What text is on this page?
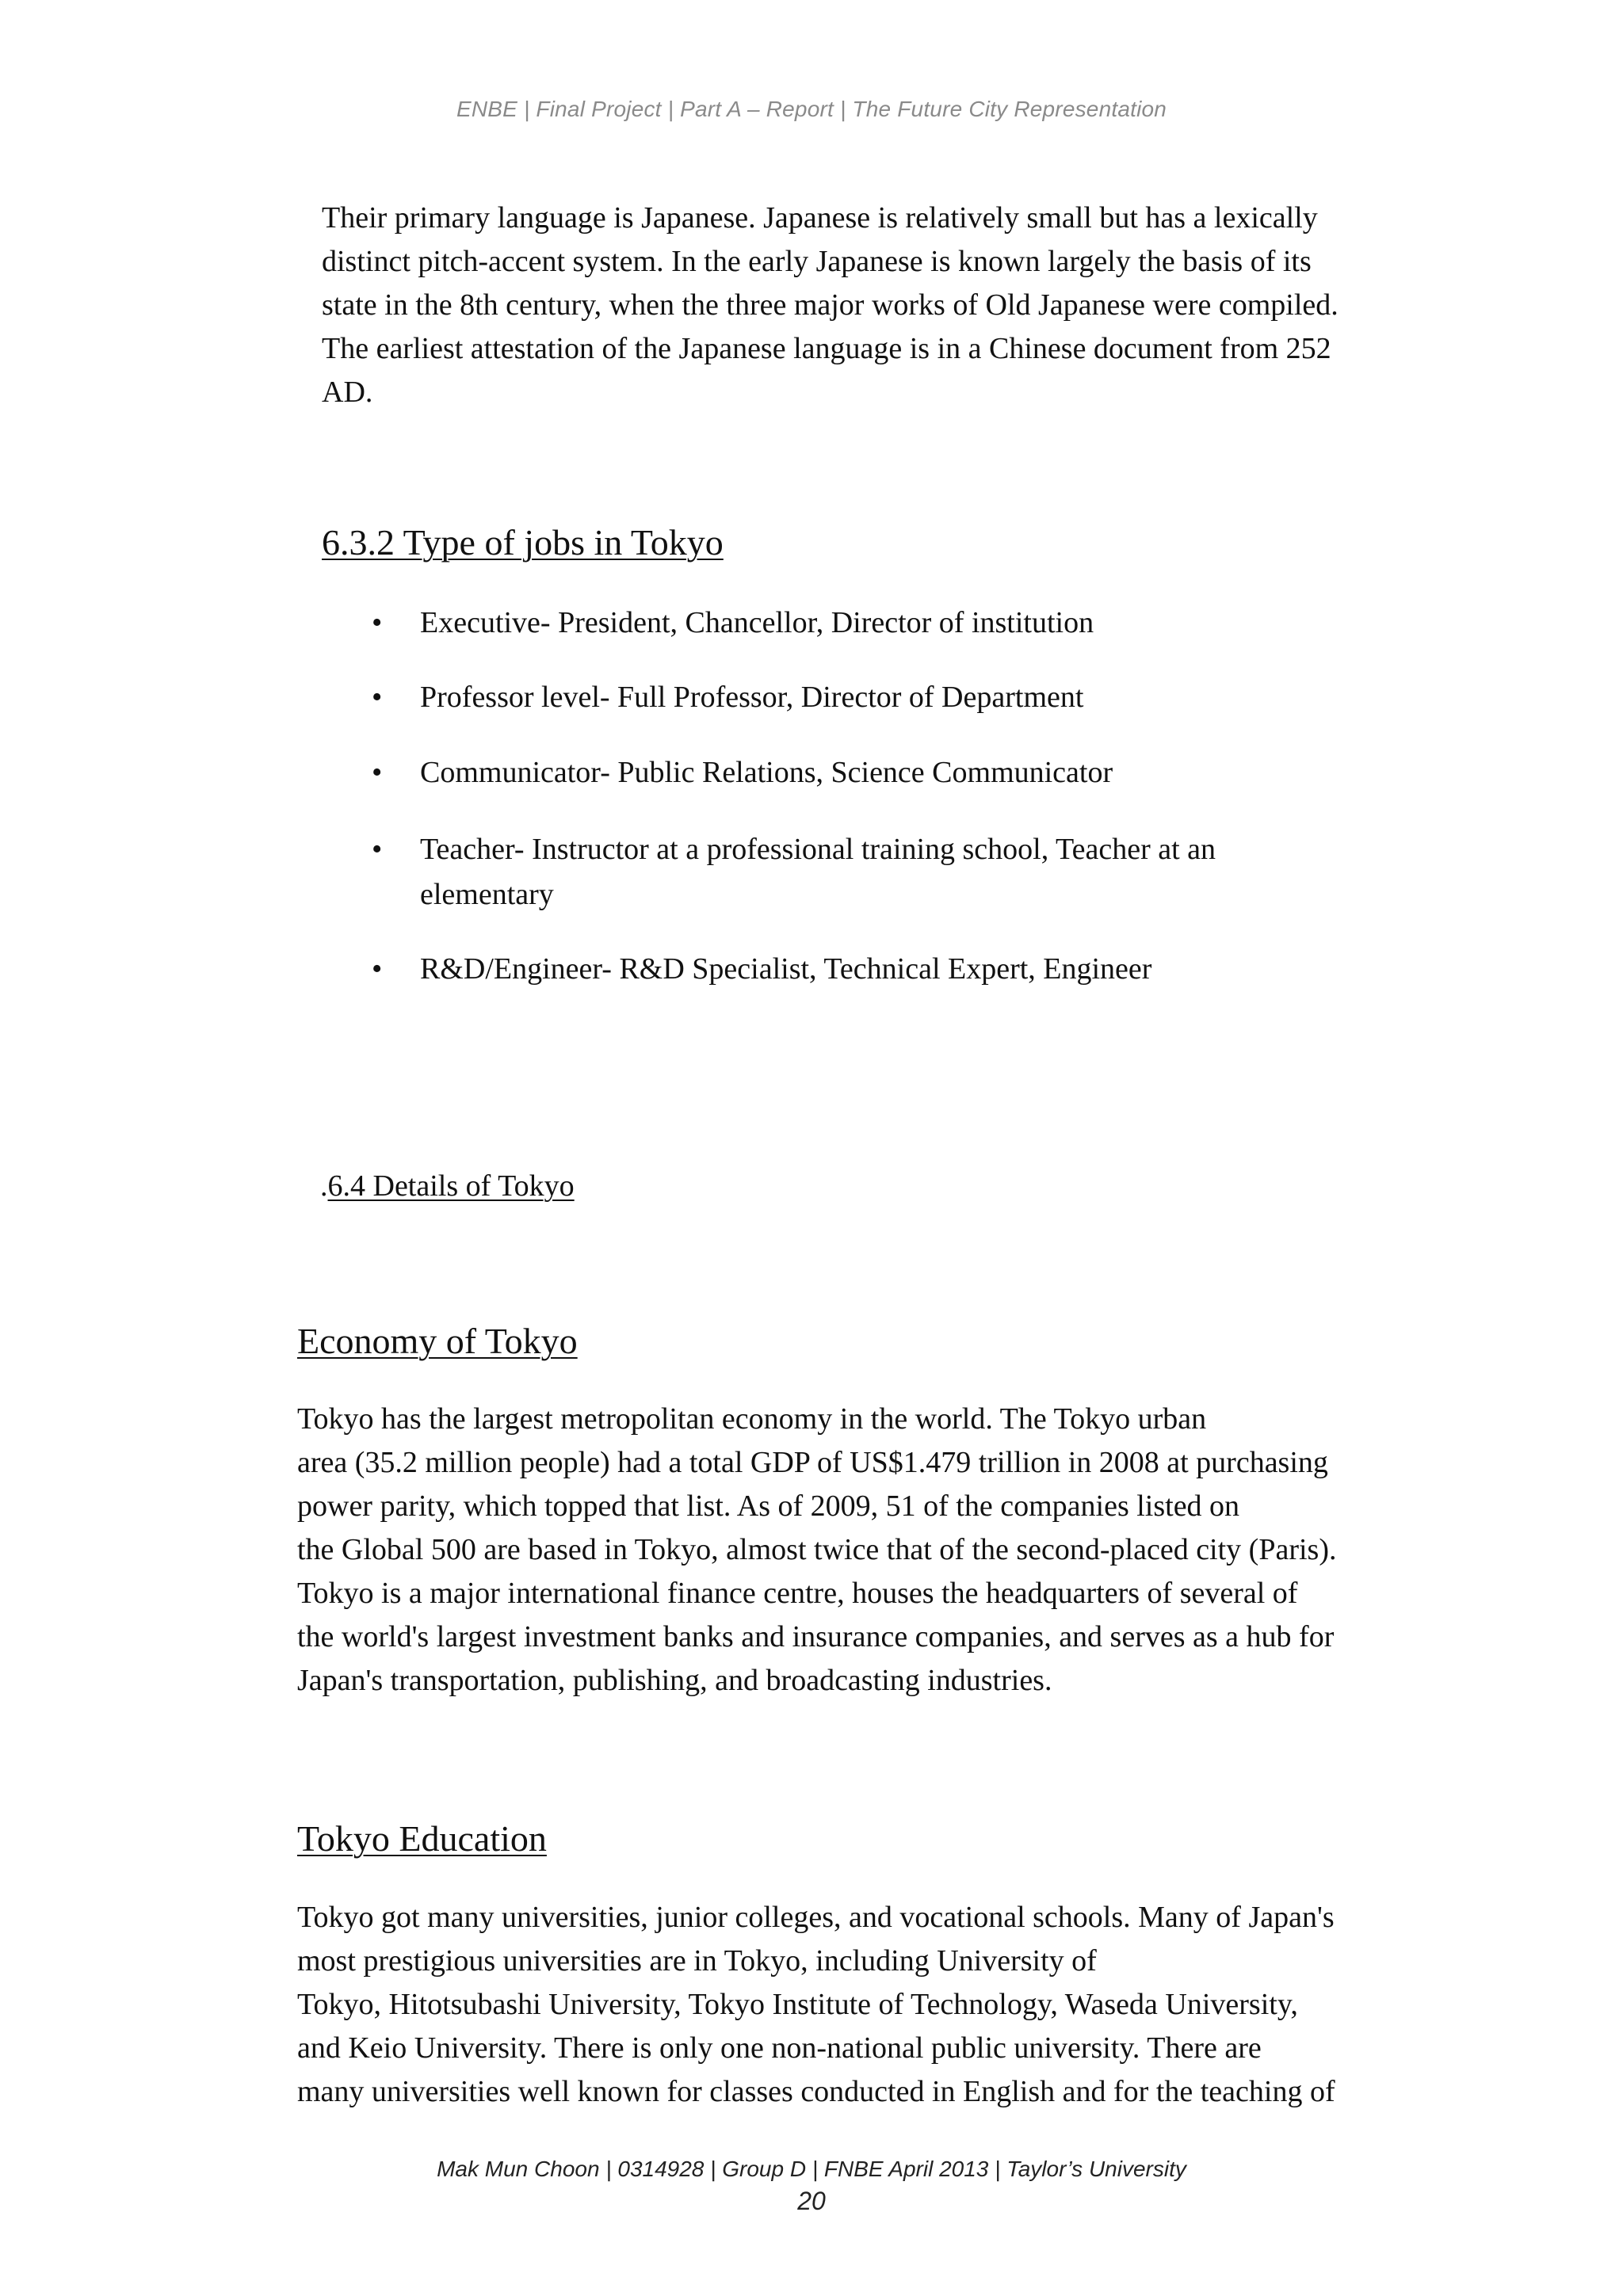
ENBE | Final Project | Part A – Report | The Future City Representation

Their primary language is Japanese. Japanese is relatively small but has a lexically
distinct pitch-accent system. In the early Japanese is known largely the basis of its
state in the 8th century, when the three major works of Old Japanese were compiled.
The earliest attestation of the Japanese language is in a Chinese document from 252
AD.

6.3.2 Type of jobs in Tokyo
• Executive- President, Chancellor, Director of institution
• Professor level- Full Professor, Director of Department
• Communicator- Public Relations, Science Communicator
• Teacher- Instructor at a professional training school, Teacher at an
elementary
• R&D/Engineer- R&D Specialist, Technical Expert, Engineer
.6.4 Details of Tokyo
Economy of Tokyo

Tokyo has the largest metropolitan economy in the world. The Tokyo urban
area (35.2 million people) had a total GDP of US$1.479 trillion in 2008 at purchasing
power parity, which topped that list. As of 2009, 51 of the companies listed on
the Global 500 are based in Tokyo, almost twice that of the second-placed city (Paris).
Tokyo is a major international finance centre, houses the headquarters of several of
the world's largest investment banks and insurance companies, and serves as a hub for
Japan's transportation, publishing, and broadcasting industries.

Tokyo Education

Tokyo got many universities, junior colleges, and vocational schools. Many of Japan's
most prestigious universities are in Tokyo, including University of
Tokyo, Hitotsubashi University, Tokyo Institute of Technology, Waseda University,
and Keio University. There is only one non-national public university. There are
many universities well known for classes conducted in English and for the teaching of

Mak Mun Choon | 0314928 | Group D | FNBE April 2013 | Taylor’s University
20
